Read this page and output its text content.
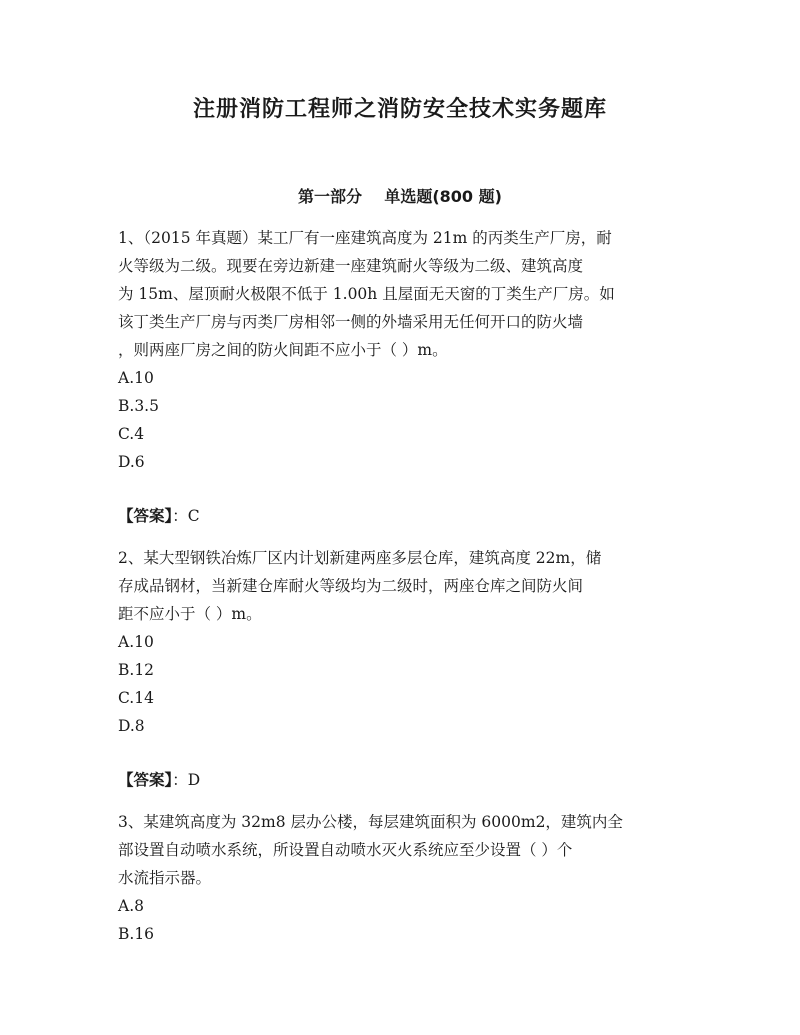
注册消防工程师之消防安全技术实务题库
第一部分    单选题(800 题)

1、（2015 年真题）某工厂有一座建筑高度为 21m 的丙类生产厂房，耐
火等级为二级。现要在旁边新建一座建筑耐火等级为二级、建筑高度
为 15m、屋顶耐火极限不低于 1.00h 且屋面无天窗的丁类生产厂房。如
该丁类生产厂房与丙类厂房相邻一侧的外墙采用无任何开口的防火墙
，则两座厂房之间的防火间距不应小于（ ）m。

A.10
B.3.5
C.4
D.6
【答案】：C

2、某大型钢铁冶炼厂区内计划新建两座多层仓库，建筑高度 22m，储
存成品钢材，当新建仓库耐火等级均为二级时，两座仓库之间防火间
距不应小于（ ）m。

A.10
B.12
C.14
D.8
【答案】：D

3、某建筑高度为 32m8 层办公楼，每层建筑面积为 6000m2，建筑内全
部设置自动喷水系统，所设置自动喷水灭火系统应至少设置（ ）个
水流指示器。

A.8
B.16
